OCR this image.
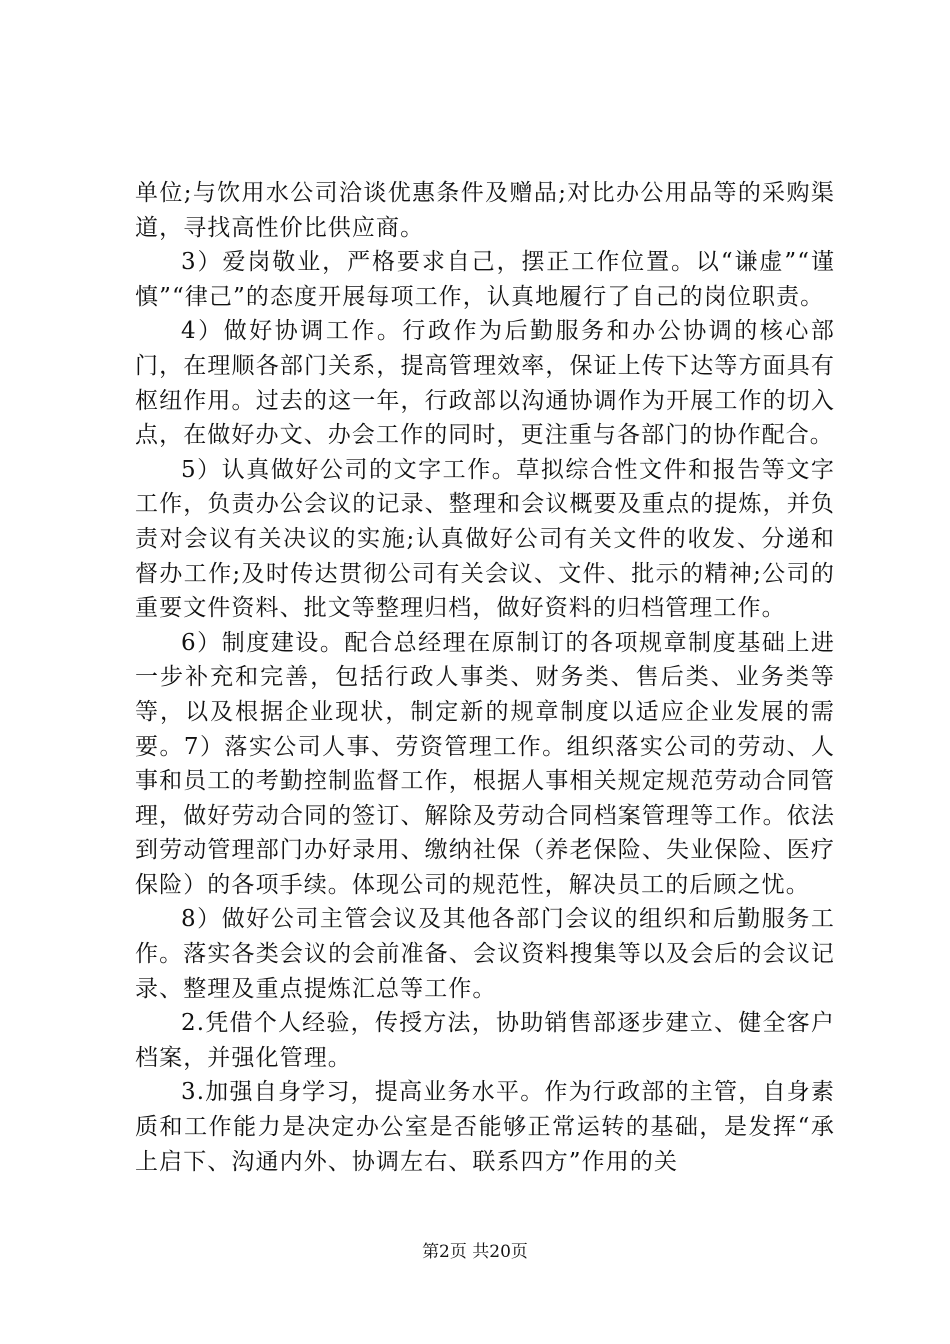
单位;与饮用水公司洽谈优惠条件及赠品;对比办公用品等的采购渠道，寻找高性价比供应商。

3）爱岗敬业，严格要求自己，摆正工作位置。以“谦虚”“谨慎”“律己”的态度开展每项工作，认真地履行了自己的岗位职责。

4）做好协调工作。行政作为后勤服务和办公协调的核心部门，在理顺各部门关系，提高管理效率，保证上传下达等方面具有枢纽作用。过去的这一年，行政部以沟通协调作为开展工作的切入点，在做好办文、办会工作的同时，更注重与各部门的协作配合。

5）认真做好公司的文字工作。草拟综合性文件和报告等文字工作，负责办公会议的记录、整理和会议概要及重点的提炼，并负责对会议有关决议的实施;认真做好公司有关文件的收发、分递和督办工作;及时传达贯彻公司有关会议、文件、批示的精神;公司的重要文件资料、批文等整理归档，做好资料的归档管理工作。

6）制度建设。配合总经理在原制订的各项规章制度基础上进一步补充和完善，包括行政人事类、财务类、售后类、业务类等等，以及根据企业现状，制定新的规章制度以适应企业发展的需要。7）落实公司人事、劳资管理工作。组织落实公司的劳动、人事和员工的考勤控制监督工作，根据人事相关规定规范劳动合同管理，做好劳动合同的签订、解除及劳动合同档案管理等工作。依法到劳动管理部门办好录用、缴纳社保（养老保险、失业保险、医疗保险）的各项手续。体现公司的规范性，解决员工的后顾之忧。

8）做好公司主管会议及其他各部门会议的组织和后勤服务工作。落实各类会议的会前准备、会议资料搜集等以及会后的会议记录、整理及重点提炼汇总等工作。

2.凭借个人经验，传授方法，协助销售部逐步建立、健全客户档案，并强化管理。

3.加强自身学习，提高业务水平。作为行政部的主管，自身素质和工作能力是决定办公室是否能够正常运转的基础，是发挥“承上启下、沟通内外、协调左右、联系四方”作用的关

第2页 共20页
